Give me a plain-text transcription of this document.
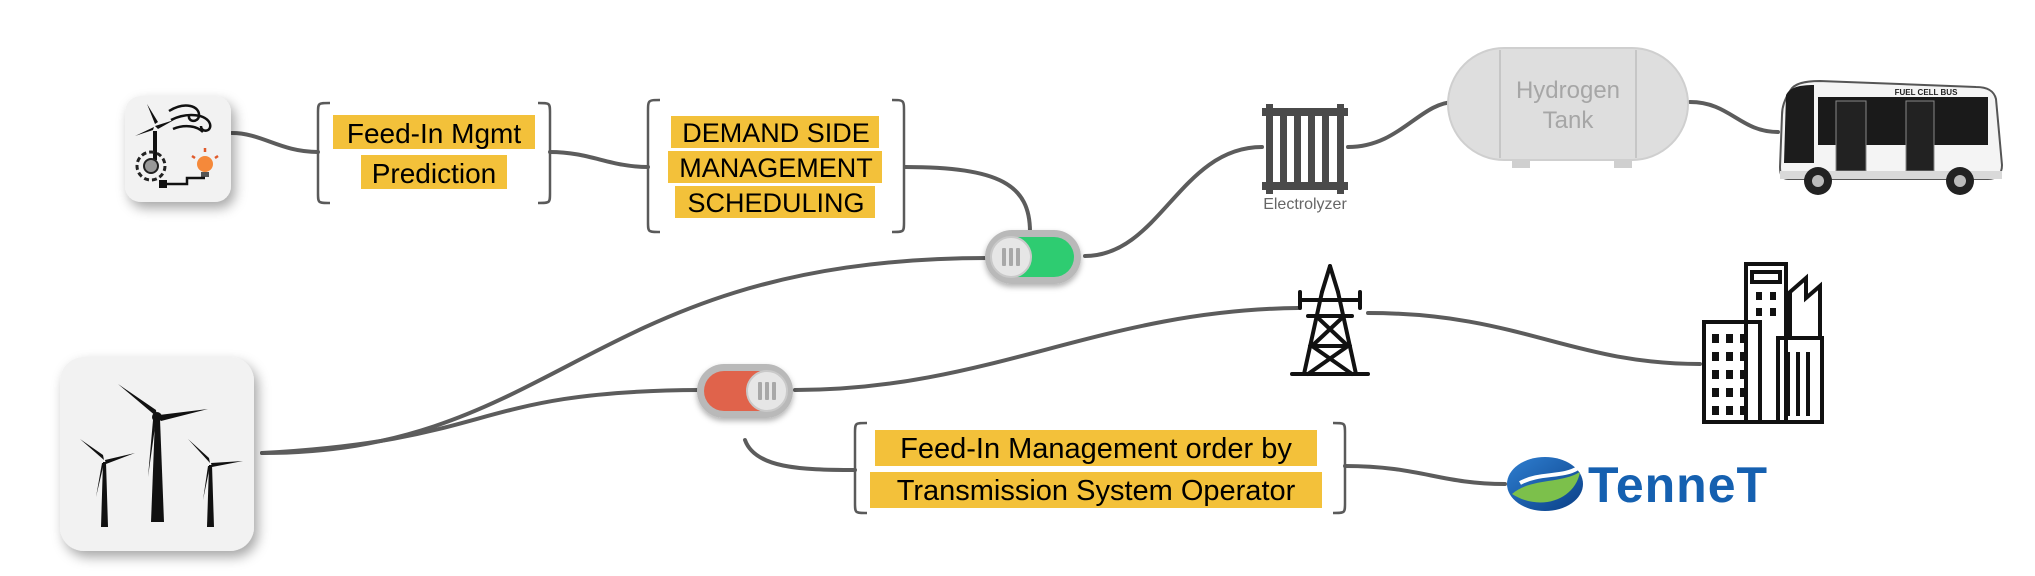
Feed-In Mgmt
Prediction
DEMAND SIDE
MANAGEMENT
SCHEDULING	Electrolyzer
Hydrogen
Tank
FUEL CELL BUS
Feed-In Management order by
Transmission System Operator	TenneT
